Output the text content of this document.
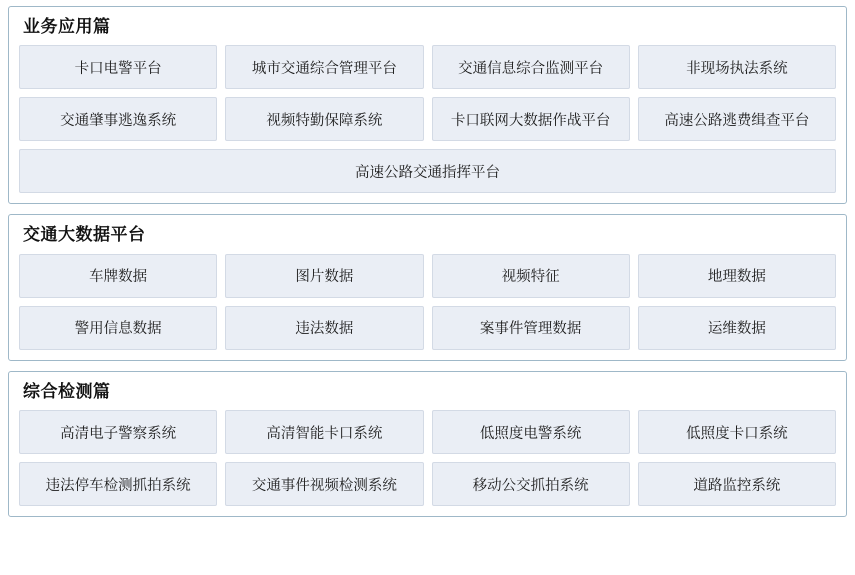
业务应用篇
卡口电警平台	城市交通综合管理平台	交通信息综合监测平台	非现场执法系统
交通肇事逃逸系统	视频特勤保障系统	卡口联网大数据作战平台	高速公路逃费缉查平台
高速公路交通指挥平台
交通大数据平台
车牌数据	图片数据	视频特征	地理数据
警用信息数据	违法数据	案事件管理数据	运维数据
综合检测篇
高清电子警察系统	高清智能卡口系统	低照度电警系统	低照度卡口系统
违法停车检测抓拍系统	交通事件视频检测系统	移动公交抓拍系统	道路监控系统
